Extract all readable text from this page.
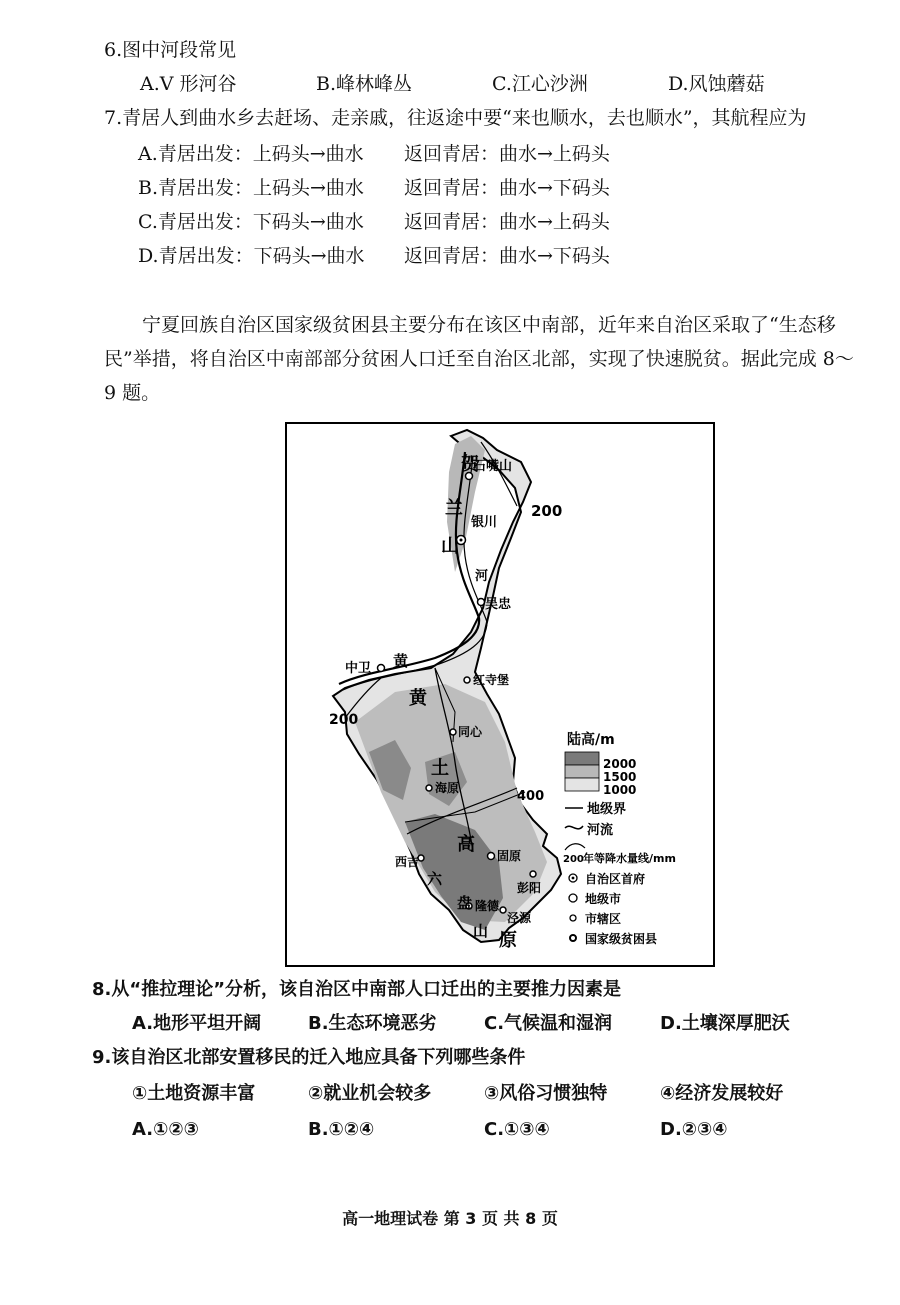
6.图中河段常见
A.V 形河谷	B.峰林峰丛	C.江心沙洲	D.风蚀蘑菇
7.青居人到曲水乡去赶场、走亲戚，往返途中要“来也顺水，去也顺水”，其航程应为
A.青居出发：上码头→曲水 返回青居：曲水→上码头
B.青居出发：上码头→曲水 返回青居：曲水→下码头
C.青居出发：下码头→曲水 返回青居：曲水→上码头
D.青居出发：下码头→曲水 返回青居：曲水→下码头
宁夏回族自治区国家级贫困县主要分布在该区中南部，近年来自治区采取了“生态移民”举措，将自治区中南部部分贫困人口迁至自治区北部，实现了快速脱贫。据此完成 8～9 题。
石嘴山
银川
吴忠
中卫
红寺堡
同心
海原
固原
西吉
彭阳
隆德
泾源
贺
兰
山
河
黄
黄
土
高
原
六
盘
山
200
200
400
陆高/m
2000
1500
1000
地级界
河流
200 年等降水量线/mm
自治区首府
地级市
市辖区
国家级贫困县
8.从“推拉理论”分析，该自治区中南部人口迁出的主要推力因素是
A.地形平坦开阔	B.生态环境恶劣	C.气候温和湿润	D.土壤深厚肥沃
9.该自治区北部安置移民的迁入地应具备下列哪些条件
①土地资源丰富	②就业机会较多	③风俗习惯独特	④经济发展较好
A.①②③	B.①②④	C.①③④	D.②③④
高一地理试卷 第 3 页 共 8 页
